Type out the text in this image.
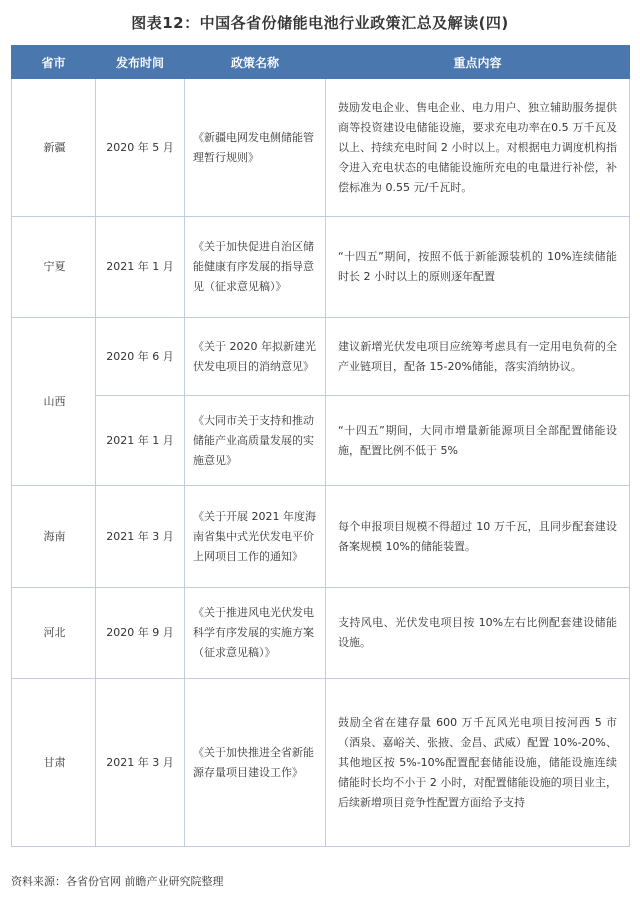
图表12：中国各省份储能电池行业政策汇总及解读(四)
省市	发布时间	政策名称	重点内容
新疆	2020 年 5 月	《新疆电网发电侧储能管理暂行规则》	鼓励发电企业、售电企业、电力用户、独立辅助服务提供商等投资建设电储能设施，要求充电功率在0.5 万千瓦及以上、持续充电时间 2 小时以上。对根据电力调度机构指令进入充电状态的电储能设施所充电的电量进行补偿，补偿标准为 0.55 元/千瓦时。
宁夏	2021 年 1 月	《关于加快促进自治区储能健康有序发展的指导意见（征求意见稿）》	“十四五”期间，按照不低于新能源装机的 10%连续储能时长 2 小时以上的原则逐年配置
山西	2020 年 6 月	《关于 2020 年拟新建光伏发电项目的消纳意见》	建议新增光伏发电项目应统筹考虑具有一定用电负荷的全产业链项目，配备 15-20%储能，落实消纳协议。
	2021 年 1 月	《大同市关于支持和推动储能产业高质量发展的实施意见》	“十四五”期间，大同市增量新能源项目全部配置储能设施，配置比例不低于 5%
海南	2021 年 3 月	《关于开展 2021 年度海南省集中式光伏发电平价上网项目工作的通知》	每个申报项目规模不得超过 10 万千瓦，且同步配套建设备案规模 10%的储能装置。
河北	2020 年 9 月	《关于推进风电光伏发电科学有序发展的实施方案（征求意见稿）》	支持风电、光伏发电项目按 10%左右比例配套建设储能设施。
甘肃	2021 年 3 月	《关于加快推进全省新能源存量项目建设工作》	鼓励全省在建存量 600 万千瓦风光电项目按河西 5 市（酒泉、嘉峪关、张掖、金昌、武威）配置 10%-20%、其他地区按 5%-10%配置配套储能设施，储能设施连续储能时长均不小于 2 小时，对配置储能设施的项目业主，后续新增项目竞争性配置方面给予支持
资料来源：各省份官网 前瞻产业研究院整理
